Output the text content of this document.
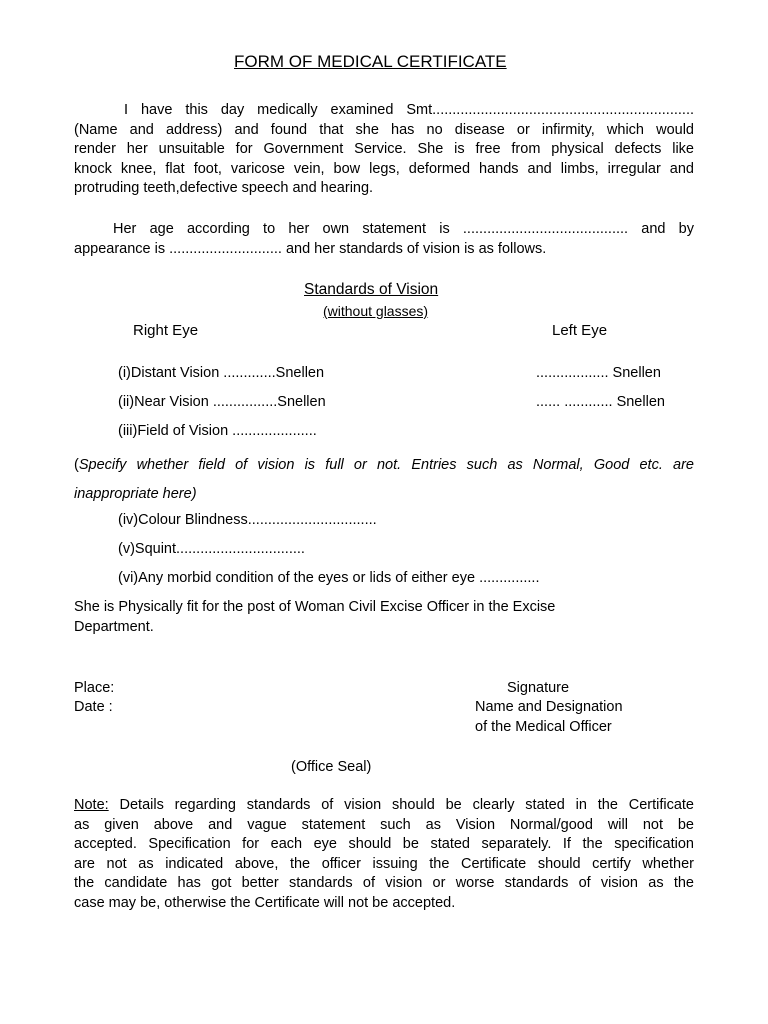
FORM OF MEDICAL CERTIFICATE
I have this day medically examined Smt.................................................................
(Name and address) and found that she has no disease or infirmity, which would
render her unsuitable for Government Service. She is free from physical defects like
knock knee, flat foot, varicose vein, bow legs, deformed hands and limbs, irregular and
protruding teeth,defective speech and hearing.
Her age according to her own statement is ......................................... and by
appearance is ............................ and her standards of vision is as follows.
Standards of Vision
(without glasses)
Right Eye	Left Eye
(i)Distant Vision .............Snellen	.................. Snellen
(ii)Near Vision ................Snellen	...... ............ Snellen
(iii)Field of Vision .....................
(Specify whether field of vision is full or not. Entries such as Normal, Good etc. are
inappropriate here)
(iv)Colour Blindness................................
(v)Squint................................
(vi)Any morbid condition of the eyes or lids of either eye ...............
She is Physically fit for the post of Woman Civil Excise Officer in the Excise
Department.
Place:
Date :
Signature
Name and Designation
of the Medical Officer
(Office Seal)
Note: Details regarding standards of vision should be clearly stated in the Certificate
as given above and vague statement such as Vision Normal/good will not be
accepted. Specification for each eye should be stated separately. If the specification
are not as indicated above, the officer issuing the Certificate should certify whether
the candidate has got better standards of vision or worse standards of vision as the
case may be, otherwise the Certificate will not be accepted.
